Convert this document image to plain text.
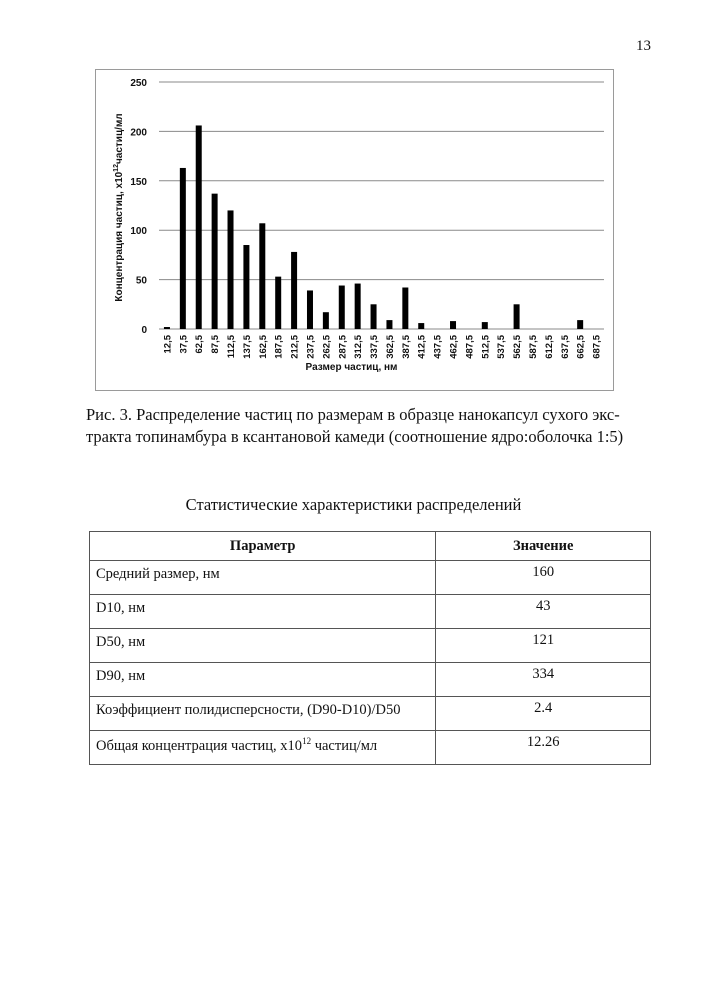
13
0
50
100
150
200
250
12,5 37,5 62,5 87,5 112,5 137,5 162,5 187,5 212,5 237,5 262,5 287,5 312,5 337,5 362,5 387,5 412,5 437,5 462,5 487,5 512,5 537,5 562,5 587,5 612,5 637,5 662,5 687,5
Размер частиц, нм
Концентрация частиц, $x10^{12}частиц/мл$

Рис. 3. Распределение частиц по размерам в образце нанокапсул сухого экс-

тракта топинамбура в ксантановой камеди (соотношение ядро:оболочка 1:5)

Статистические характеристики распределений
Параметр	Значение
Средний размер, нм	160
D10, нм	43
D50, нм	121
D90, нм	334
Коэффициент полидисперсности, (D90-D10)/D50	2.4
Общая концентрация частиц, $x10^{12}$ частиц/мл	12.26
